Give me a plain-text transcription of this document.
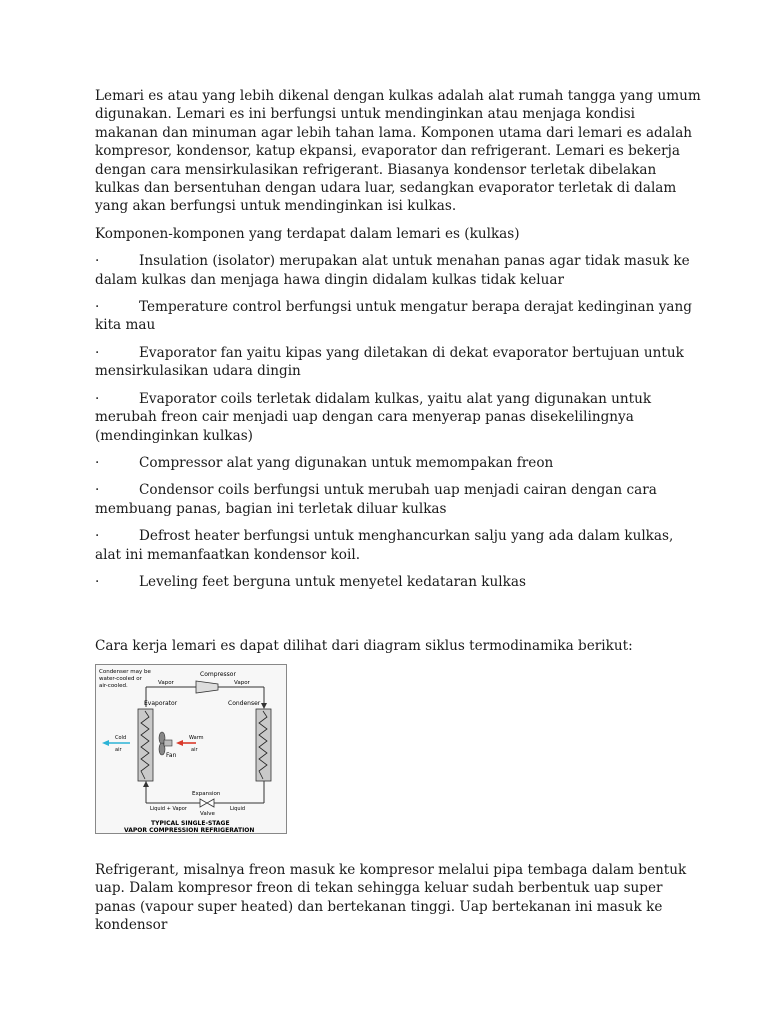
Lemari es atau yang lebih dikenal dengan kulkas adalah alat rumah tangga yang umum digunakan. Lemari es ini berfungsi untuk mendinginkan atau menjaga kondisi makanan dan minuman agar lebih tahan lama. Komponen utama dari lemari es adalah kompresor, kondensor, katup ekpansi, evaporator dan refrigerant. Lemari es bekerja dengan cara mensirkulasikan refrigerant. Biasanya kondensor terletak dibelakan kulkas dan bersentuhan dengan udara luar, sedangkan evaporator terletak di dalam yang akan berfungsi untuk mendinginkan isi kulkas.

Komponen-komponen yang terdapat dalam lemari es (kulkas)

·	Insulation (isolator) merupakan alat untuk menahan panas agar tidak masuk ke dalam kulkas dan menjaga hawa dingin didalam kulkas tidak keluar

·	Temperature control berfungsi untuk mengatur berapa derajat kedinginan yang kita mau

·	Evaporator fan yaitu kipas yang diletakan di dekat evaporator bertujuan untuk mensirkulasikan udara dingin

·	Evaporator coils terletak didalam kulkas, yaitu alat yang digunakan untuk merubah freon cair menjadi uap dengan cara menyerap panas disekelilingnya (mendinginkan kulkas)

·	Compressor alat yang digunakan untuk memompakan freon

·	Condensor coils berfungsi untuk merubah uap menjadi cairan dengan cara membuang panas, bagian ini terletak diluar kulkas

·	Defrost heater berfungsi untuk menghancurkan salju yang ada dalam kulkas, alat ini memanfaatkan kondensor koil.

·	Leveling feet berguna untuk menyetel kedataran kulkas

Cara kerja lemari es dapat dilihat dari diagram siklus termodinamika berikut:

Condenser may be
water-cooled or
air-cooled.
Compressor
Vapor	Vapor
Evaporator	Condenser
Expansion
Valve
Liquid + Vapor	Liquid
Cold
air
Fan
Warm
air
TYPICAL SINGLE-STAGE
VAPOR COMPRESSION REFRIGERATION

Refrigerant, misalnya freon masuk ke kompresor melalui pipa tembaga dalam bentuk uap. Dalam kompresor freon di tekan sehingga keluar sudah berbentuk uap super panas (vapour super heated) dan bertekanan tinggi. Uap bertekanan ini masuk ke kondensor
